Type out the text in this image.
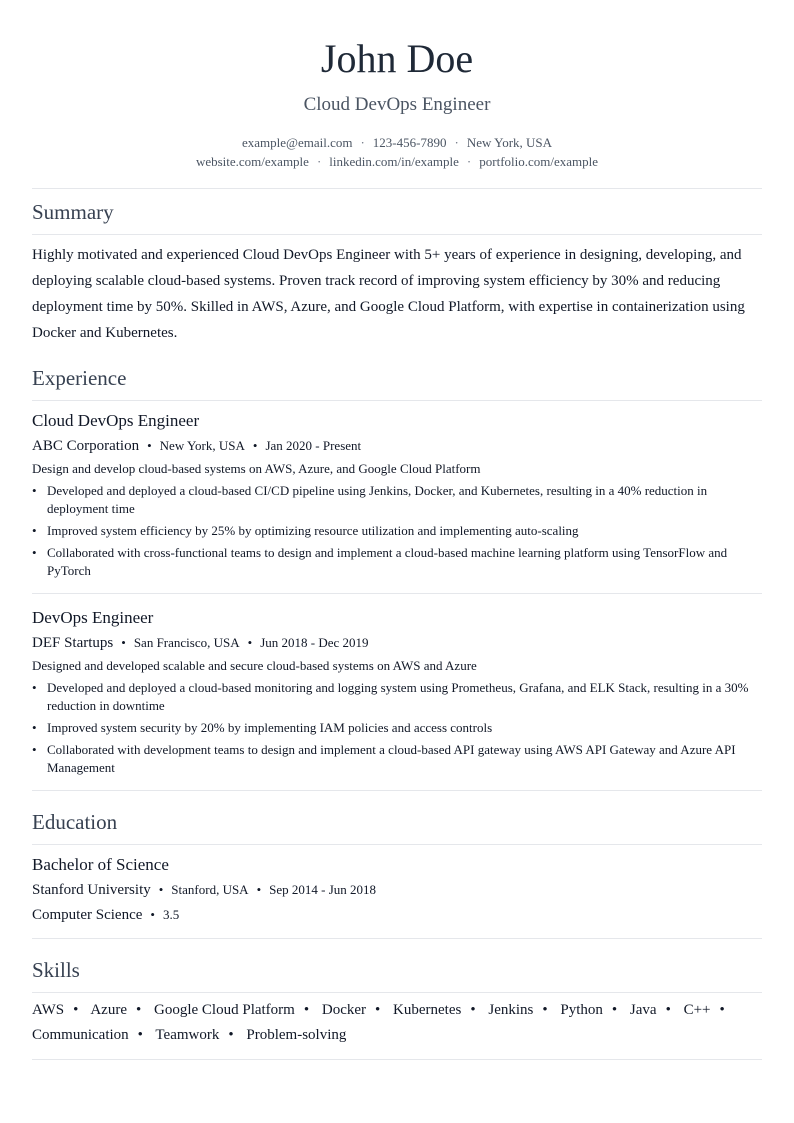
John Doe
Cloud DevOps Engineer
example@email.com · 123-456-7890 · New York, USA
website.com/example · linkedin.com/in/example · portfolio.com/example
Summary
Highly motivated and experienced Cloud DevOps Engineer with 5+ years of experience in designing, developing, and deploying scalable cloud-based systems. Proven track record of improving system efficiency by 30% and reducing deployment time by 50%. Skilled in AWS, Azure, and Google Cloud Platform, with expertise in containerization using Docker and Kubernetes.
Experience
Cloud DevOps Engineer
ABC Corporation • New York, USA • Jan 2020 - Present
Design and develop cloud-based systems on AWS, Azure, and Google Cloud Platform
• Developed and deployed a cloud-based CI/CD pipeline using Jenkins, Docker, and Kubernetes, resulting in a 40% reduction in deployment time
• Improved system efficiency by 25% by optimizing resource utilization and implementing auto-scaling
• Collaborated with cross-functional teams to design and implement a cloud-based machine learning platform using TensorFlow and PyTorch
DevOps Engineer
DEF Startups • San Francisco, USA • Jun 2018 - Dec 2019
Designed and developed scalable and secure cloud-based systems on AWS and Azure
• Developed and deployed a cloud-based monitoring and logging system using Prometheus, Grafana, and ELK Stack, resulting in a 30% reduction in downtime
• Improved system security by 20% by implementing IAM policies and access controls
• Collaborated with development teams to design and implement a cloud-based API gateway using AWS API Gateway and Azure API Management
Education
Bachelor of Science
Stanford University • Stanford, USA • Sep 2014 - Jun 2018
Computer Science • 3.5
Skills
AWS • Azure • Google Cloud Platform • Docker • Kubernetes • Jenkins • Python • Java • C++ • Communication • Teamwork • Problem-solving
